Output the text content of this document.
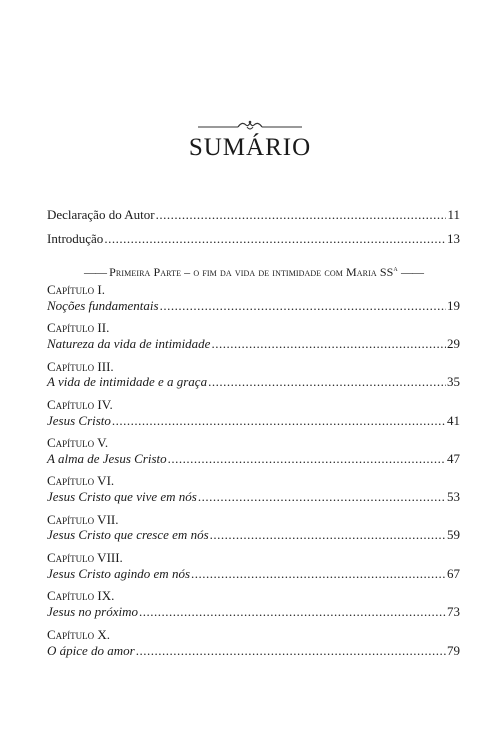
SUMÁRIO
Declaração do Autor .....	11
Introdução .....	13
Capítulo I.
Noções fundamentais .....	19
Capítulo II.
Natureza da vida de intimidade .....	29
Capítulo III.
A vida de intimidade e a graça .....	35
Capítulo IV.
Jesus Cristo .....	41
Capítulo V.
A alma de Jesus Cristo .....	47
Capítulo VI.
Jesus Cristo que vive em nós .....	53
Capítulo VII.
Jesus Cristo que cresce em nós .....	59
Capítulo VIII.
Jesus Cristo agindo em nós .....	67
Capítulo IX.
Jesus no próximo .....	73
Capítulo X.
O ápice do amor .....	79
—— Primeira Parte – o fim da vida de intimidade com Maria $SS^a$ ——
